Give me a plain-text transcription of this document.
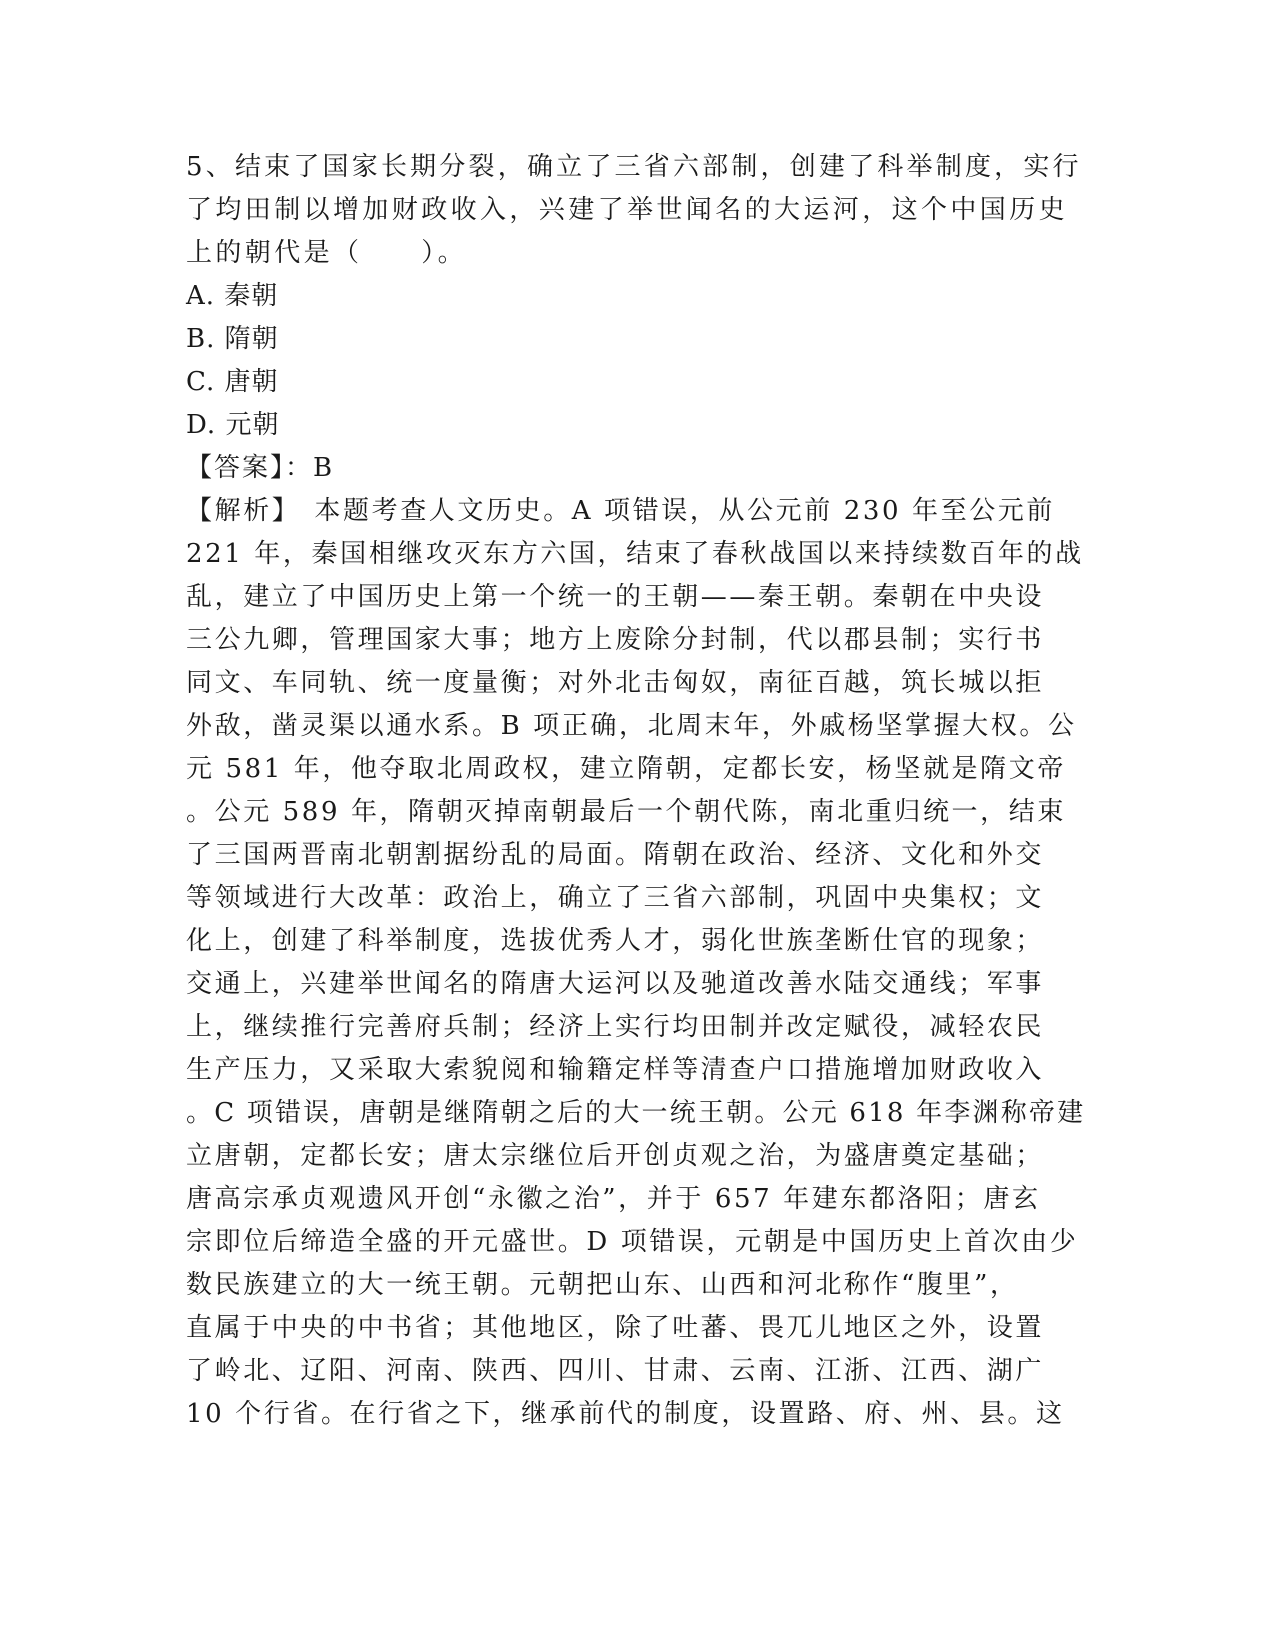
5、结束了国家长期分裂，确立了三省六部制，创建了科举制度，实行
了均田制以增加财政收入，兴建了举世闻名的大运河，这个中国历史
上的朝代是（　　）。
A. 秦朝
B. 隋朝
C. 唐朝
D. 元朝
【答案】：B
【解析】 本题考查人文历史。A 项错误，从公元前 230 年至公元前
221 年，秦国相继攻灭东方六国，结束了春秋战国以来持续数百年的战
乱，建立了中国历史上第一个统一的王朝——秦王朝。秦朝在中央设
三公九卿，管理国家大事；地方上废除分封制，代以郡县制；实行书
同文、车同轨、统一度量衡；对外北击匈奴，南征百越，筑长城以拒
外敌，凿灵渠以通水系。B 项正确，北周末年，外戚杨坚掌握大权。公
元 581 年，他夺取北周政权，建立隋朝，定都长安，杨坚就是隋文帝
。公元 589 年，隋朝灭掉南朝最后一个朝代陈，南北重归统一，结束
了三国两晋南北朝割据纷乱的局面。隋朝在政治、经济、文化和外交
等领域进行大改革：政治上，确立了三省六部制，巩固中央集权；文
化上，创建了科举制度，选拔优秀人才，弱化世族垄断仕官的现象；
交通上，兴建举世闻名的隋唐大运河以及驰道改善水陆交通线；军事
上，继续推行完善府兵制；经济上实行均田制并改定赋役，减轻农民
生产压力，又采取大索貌阅和输籍定样等清查户口措施增加财政收入
。C 项错误，唐朝是继隋朝之后的大一统王朝。公元 618 年李渊称帝建
立唐朝，定都长安；唐太宗继位后开创贞观之治，为盛唐奠定基础；
唐高宗承贞观遗风开创“永徽之治”，并于 657 年建东都洛阳；唐玄
宗即位后缔造全盛的开元盛世。D 项错误，元朝是中国历史上首次由少
数民族建立的大一统王朝。元朝把山东、山西和河北称作“腹里”，
直属于中央的中书省；其他地区，除了吐蕃、畏兀儿地区之外，设置
了岭北、辽阳、河南、陕西、四川、甘肃、云南、江浙、江西、湖广
10 个行省。在行省之下，继承前代的制度，设置路、府、州、县。这
